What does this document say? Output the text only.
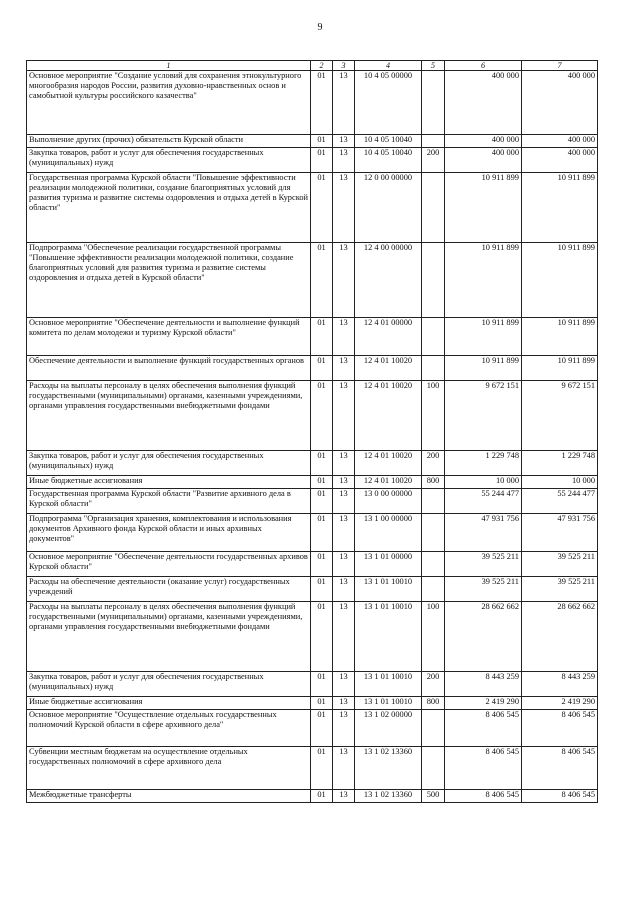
9
1	2	3	4	5	6	7
Основное мероприятие "Создание условий для сохранения этнокультурного многообразия народов России, развития духовно-нравственных основ и самобытной культуры российского казачества"	01	13	10 4 05 00000		400 000	400 000
Выполнение других (прочих) обязательств Курской области	01	13	10 4 05 10040		400 000	400 000
Закупка товаров, работ и услуг для обеспечения государственных (муниципальных) нужд	01	13	10 4 05 10040	200	400 000	400 000
Государственная программа Курской области "Повышение эффективности реализации молодежной политики, создание благоприятных условий для развития туризма и развитие системы оздоровления и отдыха детей в Курской области"	01	13	12 0 00 00000		10 911 899	10 911 899
Подпрограмма "Обеспечение реализации государственной программы "Повышение эффективности реализации молодежной политики, создание благоприятных условий для развития туризма и развитие системы оздоровления и отдыха детей в Курской области"	01	13	12 4 00 00000		10 911 899	10 911 899
Основное мероприятие "Обеспечение деятельности и выполнение функций комитета по делам молодежи и туризму Курской области"	01	13	12 4 01 00000		10 911 899	10 911 899
Обеспечение деятельности и выполнение функций государственных органов	01	13	12 4 01 10020		10 911 899	10 911 899
Расходы на выплаты персоналу в целях обеспечения выполнения функций государственными (муниципальными) органами, казенными учреждениями, органами управления государственными внебюджетными фондами	01	13	12 4 01 10020	100	9 672 151	9 672 151
Закупка товаров, работ и услуг для обеспечения государственных (муниципальных) нужд	01	13	12 4 01 10020	200	1 229 748	1 229 748
Иные бюджетные ассигнования	01	13	12 4 01 10020	800	10 000	10 000
Государственная программа Курской области "Развитие архивного дела в Курской области"	01	13	13 0 00 00000		55 244 477	55 244 477
Подпрограмма "Организация хранения, комплектования и использования документов Архивного фонда Курской области и иных архивных документов"	01	13	13 1 00 00000		47 931 756	47 931 756
Основное мероприятие "Обеспечение деятельности государственных архивов Курской области"	01	13	13 1 01 00000		39 525 211	39 525 211
Расходы на обеспечение деятельности (оказание услуг) государственных учреждений	01	13	13 1 01 10010		39 525 211	39 525 211
Расходы на выплаты персоналу в целях обеспечения выполнения функций государственными (муниципальными) органами, казенными учреждениями, органами управления государственными внебюджетными фондами	01	13	13 1 01 10010	100	28 662 662	28 662 662
Закупка товаров, работ и услуг для обеспечения государственных (муниципальных) нужд	01	13	13 1 01 10010	200	8 443 259	8 443 259
Иные бюджетные ассигнования	01	13	13 1 01 10010	800	2 419 290	2 419 290
Основное мероприятие "Осуществление отдельных государственных полномочий Курской области в сфере архивного дела"	01	13	13 1 02 00000		8 406 545	8 406 545
Субвенции местным бюджетам на осуществление отдельных государственных полномочий в сфере архивного дела	01	13	13 1 02 13360		8 406 545	8 406 545
Межбюджетные трансферты	01	13	13 1 02 13360	500	8 406 545	8 406 545
